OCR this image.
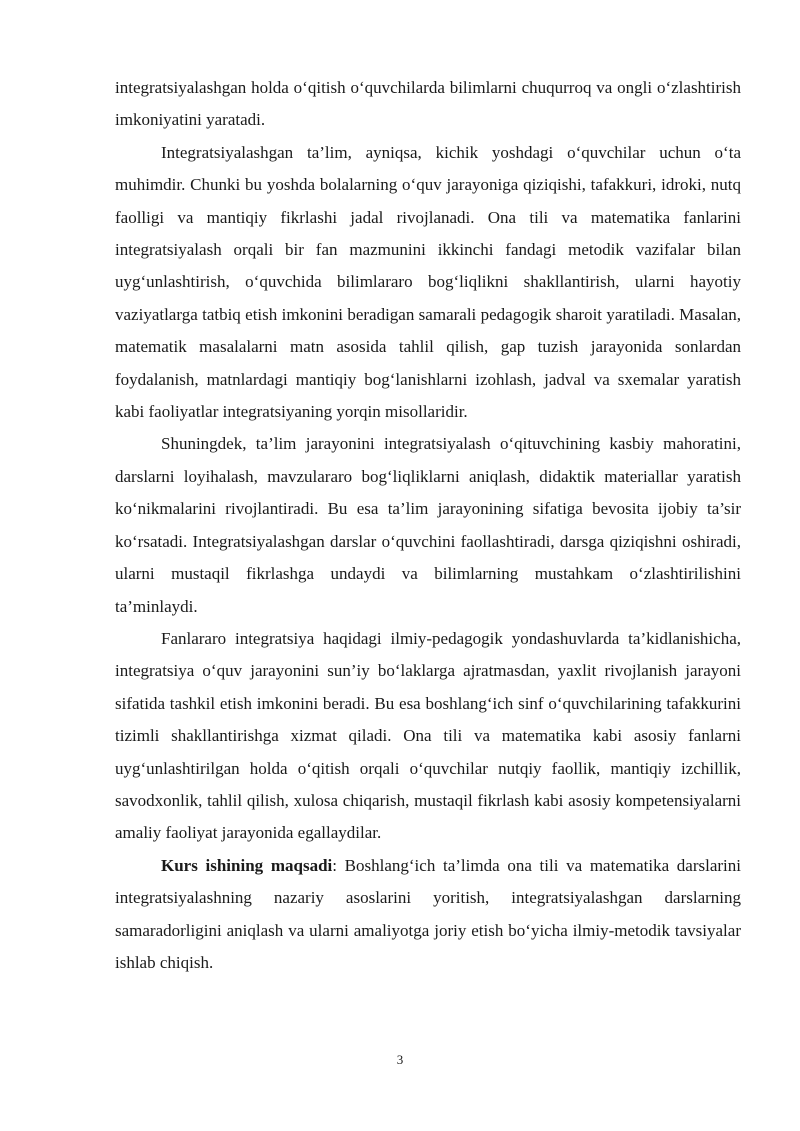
integratsiyalashgan holda o‘qitish o‘quvchilarda bilimlarni chuqurroq va ongli o‘zlashtirish imkoniyatini yaratadi.

Integratsiyalashgan ta’lim, ayniqsa, kichik yoshdagi o‘quvchilar uchun o‘ta muhimdir. Chunki bu yoshda bolalarning o‘quv jarayoniga qiziqishi, tafakkuri, idroki, nutq faolligi va mantiqiy fikrlashi jadal rivojlanadi. Ona tili va matematika fanlarini integratsiyalash orqali bir fan mazmunini ikkinchi fandagi metodik vazifalar bilan uyg‘unlashtirish, o‘quvchida bilimlararo bog‘liqlikni shakllantirish, ularni hayotiy vaziyatlarga tatbiq etish imkonini beradigan samarali pedagogik sharoit yaratiladi. Masalan, matematik masalalarni matn asosida tahlil qilish, gap tuzish jarayonida sonlardan foydalanish, matnlardagi mantiqiy bog‘lanishlarni izohlash, jadval va sxemalar yaratish kabi faoliyatlar integratsiyaning yorqin misollaridir.

Shuningdek, ta’lim jarayonini integratsiyalash o‘qituvchining kasbiy mahoratini, darslarni loyihalash, mavzulararo bog‘liqliklarni aniqlash, didaktik materiallar yaratish ko‘nikmalarini rivojlantiradi. Bu esa ta’lim jarayonining sifatiga bevosita ijobiy ta’sir ko‘rsatadi. Integratsiyalashgan darslar o‘quvchini faollashtiradi, darsga qiziqishni oshiradi, ularni mustaqil fikrlashga undaydi va bilimlarning mustahkam o‘zlashtirilishini ta’minlaydi.

Fanlararo integratsiya haqidagi ilmiy-pedagogik yondashuvlarda ta’kidlanishicha, integratsiya o‘quv jarayonini sun’iy bo‘laklarga ajratmasdan, yaxlit rivojlanish jarayoni sifatida tashkil etish imkonini beradi. Bu esa boshlang‘ich sinf o‘quvchilarining tafakkurini tizimli shakllantirishga xizmat qiladi. Ona tili va matematika kabi asosiy fanlarni uyg‘unlashtirilgan holda o‘qitish orqali o‘quvchilar nutqiy faollik, mantiqiy izchillik, savodxonlik, tahlil qilish, xulosa chiqarish, mustaqil fikrlash kabi asosiy kompetensiyalarni amaliy faoliyat jarayonida egallaydilar.

Kurs ishining maqsadi: Boshlang‘ich ta’limda ona tili va matematika darslarini integratsiyalashning nazariy asoslarini yoritish, integratsiyalashgan darslarning samaradorligini aniqlash va ularni amaliyotga joriy etish bo‘yicha ilmiy-metodik tavsiyalar ishlab chiqish.

3
